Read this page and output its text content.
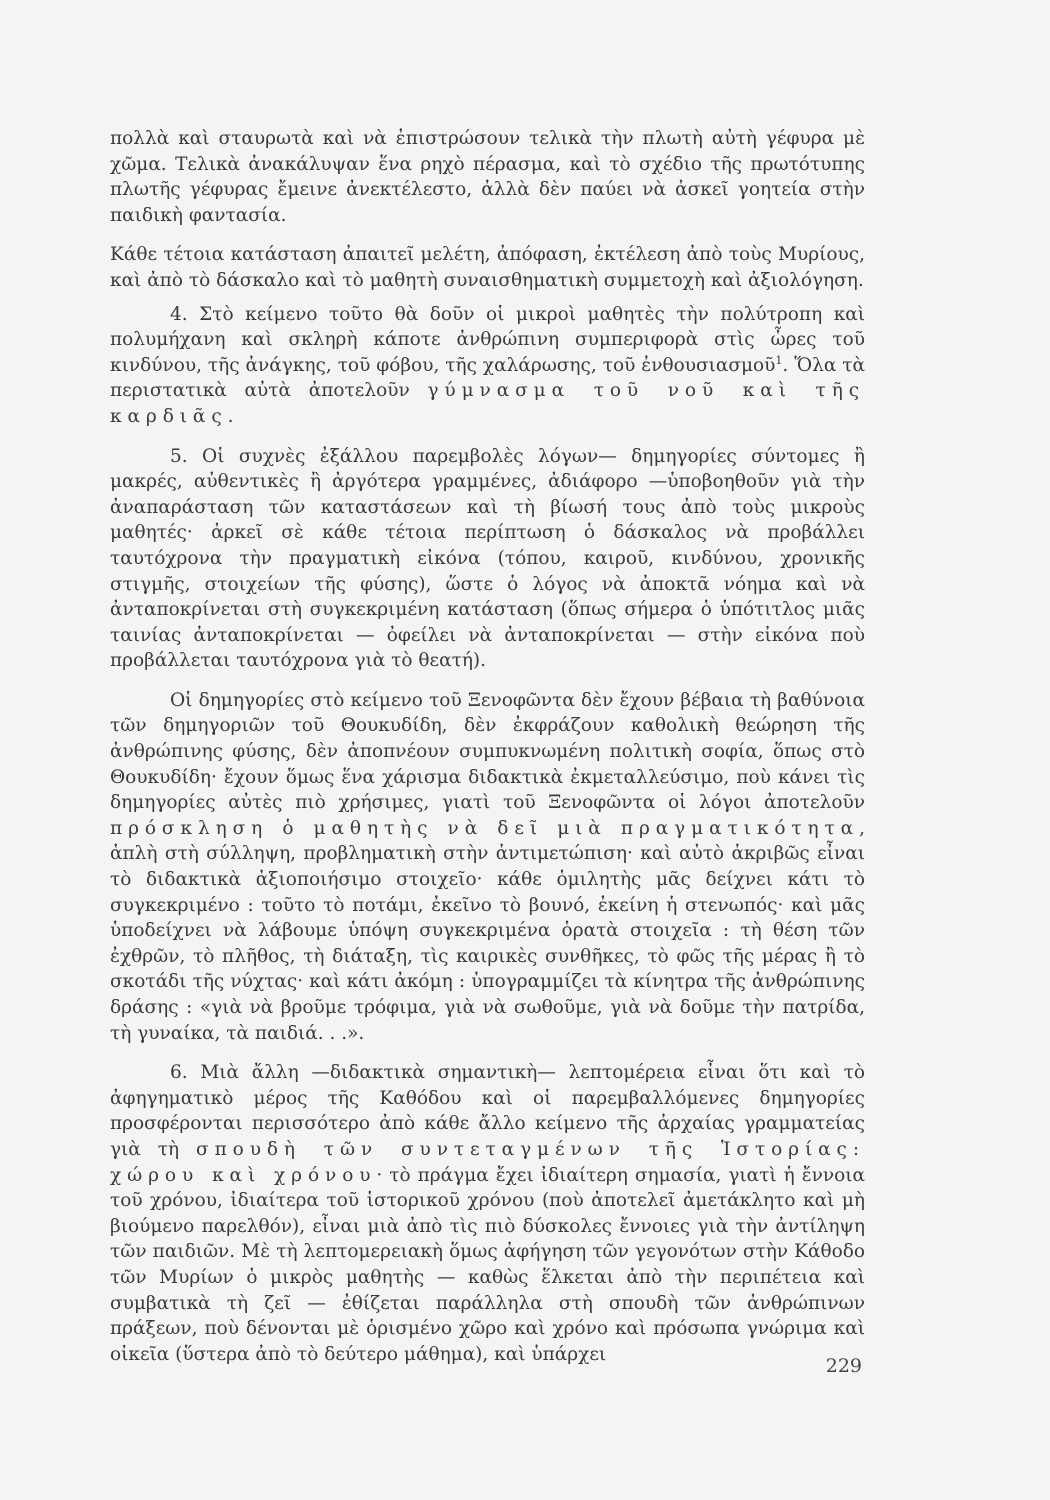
πολλὰ καὶ σταυρωτὰ καὶ νὰ ἐπιστρώσουν τελικὰ τὴν πλωτὴ αὐτὴ γέφυρα μὲ χῶμα. Τελικὰ ἀνακάλυψαν ἕνα ρηχὸ πέρασμα, καὶ τὸ σχέδιο τῆς πρωτότυπης πλωτῆς γέφυρας ἔμεινε ἀνεκτέλεστο, ἀλλὰ δὲν παύει νὰ ἀσκεῖ γοητεία στὴν παιδικὴ φαντασία.

Κάθε τέτοια κατάσταση ἀπαιτεῖ μελέτη, ἀπόφαση, ἐκτέλεση ἀπὸ τοὺς Μυρίους, καὶ ἀπὸ τὸ δάσκαλο καὶ τὸ μαθητὴ συναισθηματικὴ συμμετοχὴ καὶ ἀξιολόγηση.

4. Στὸ κείμενο τοῦτο θὰ δοῦν οἱ μικροὶ μαθητὲς τὴν πολύτροπη καὶ πολυμήχανη καὶ σκληρὴ κάποτε ἀνθρώπινη συμπεριφορὰ στὶς ὧρες τοῦ κινδύνου, τῆς ἀνάγκης, τοῦ φόβου, τῆς χαλάρωσης, τοῦ ἐνθουσιασμοῦ$^1$. Ὅλα τὰ περιστατικὰ αὐτὰ ἀποτελοῦν γύμνασμα τοῦ νοῦ καὶ τῆς καρδιᾶς.

5. Οἱ συχνὲς ἐξάλλου παρεμβολὲς λόγων— δημηγορίες σύντομες ἢ μακρές, αὐθεντικὲς ἢ ἀργότερα γραμμένες, ἀδιάφορο —ὑποβοηθοῦν γιὰ τὴν ἀναπαράσταση τῶν καταστάσεων καὶ τὴ βίωσή τους ἀπὸ τοὺς μικροὺς μαθητές· ἀρκεῖ σὲ κάθε τέτοια περίπτωση ὁ δάσκαλος νὰ προβάλλει ταυτόχρονα τὴν πραγματικὴ εἰκόνα (τόπου, καιροῦ, κινδύνου, χρονικῆς στιγμῆς, στοιχείων τῆς φύσης), ὥστε ὁ λόγος νὰ ἀποκτᾶ νόημα καὶ νὰ ἀνταποκρίνεται στὴ συγκεκριμένη κατάσταση (ὅπως σήμερα ὁ ὑπότιτλος μιᾶς ταινίας ἀνταποκρίνεται — ὀφείλει νὰ ἀνταποκρίνεται — στὴν εἰκόνα ποὺ προβάλλεται ταυτόχρονα γιὰ τὸ θεατή).

Οἱ δημηγορίες στὸ κείμενο τοῦ Ξενοφῶντα δὲν ἔχουν βέβαια τὴ βαθύνοια τῶν δημηγοριῶν τοῦ Θουκυδίδη, δὲν ἐκφράζουν καθολικὴ θεώρηση τῆς ἀνθρώπινης φύσης, δὲν ἀποπνέουν συμπυκνωμένη πολιτικὴ σοφία, ὅπως στὸ Θουκυδίδη· ἔχουν ὅμως ἕνα χάρισμα διδακτικὰ ἐκμεταλλεύσιμο, ποὺ κάνει τὶς δημηγορίες αὐτὲς πιὸ χρήσιμες, γιατὶ τοῦ Ξενοφῶντα οἱ λόγοι ἀποτελοῦν πρόσκληση ὁ μαθητὴς νὰ δεῖ μιὰ πραγματικότητα, ἁπλὴ στὴ σύλληψη, προβληματικὴ στὴν ἀντιμετώπιση· καὶ αὐτὸ ἀκριβῶς εἶναι τὸ διδακτικὰ ἀξιοποιήσιμο στοιχεῖο· κάθε ὁμιλητὴς μᾶς δείχνει κάτι τὸ συγκεκριμένο : τοῦτο τὸ ποτάμι, ἐκεῖνο τὸ βουνό, ἐκείνη ἡ στενωπός· καὶ μᾶς ὑποδείχνει νὰ λάβουμε ὑπόψη συγκεκριμένα ὁρατὰ στοιχεῖα : τὴ θέση τῶν ἐχθρῶν, τὸ πλῆθος, τὴ διάταξη, τὶς καιρικὲς συνθῆκες, τὸ φῶς τῆς μέρας ἢ τὸ σκοτάδι τῆς νύχτας· καὶ κάτι ἀκόμη : ὑπογραμμίζει τὰ κίνητρα τῆς ἀνθρώπινης δράσης : «γιὰ νὰ βροῦμε τρόφιμα, γιὰ νὰ σωθοῦμε, γιὰ νὰ δοῦμε τὴν πατρίδα, τὴ γυναίκα, τὰ παιδιά. . .».

6. Μιὰ ἄλλη —διδακτικὰ σημαντικὴ— λεπτομέρεια εἶναι ὅτι καὶ τὸ ἀφηγηματικὸ μέρος τῆς Καθόδου καὶ οἱ παρεμβαλλόμενες δημηγορίες προσφέρονται περισσότερο ἀπὸ κάθε ἄλλο κείμενο τῆς ἀρχαίας γραμματείας γιὰ τὴ σπουδὴ τῶν συντεταγμένων τῆς Ἱστορίας: χώρου καὶ χρόνου· τὸ πράγμα ἔχει ἰδιαίτερη σημασία, γιατὶ ἡ ἔννοια τοῦ χρόνου, ἰδιαίτερα τοῦ ἱστορικοῦ χρόνου (ποὺ ἀποτελεῖ ἀμετάκλητο καὶ μὴ βιούμενο παρελθόν), εἶναι μιὰ ἀπὸ τὶς πιὸ δύσκολες ἔννοιες γιὰ τὴν ἀντίληψη τῶν παιδιῶν. Μὲ τὴ λεπτομερειακὴ ὅμως ἀφήγηση τῶν γεγονότων στὴν Κάθοδο τῶν Μυρίων ὁ μικρὸς μαθητὴς — καθὼς ἕλκεται ἀπὸ τὴν περιπέτεια καὶ συμβατικὰ τὴ ζεῖ — ἐθίζεται παράλληλα στὴ σπουδὴ τῶν ἀνθρώπινων πράξεων, ποὺ δένονται μὲ ὁρισμένο χῶρο καὶ χρόνο καὶ πρόσωπα γνώριμα καὶ οἰκεῖα (ὕστερα ἀπὸ τὸ δεύτερο μάθημα), καὶ ὑπάρχει

229
